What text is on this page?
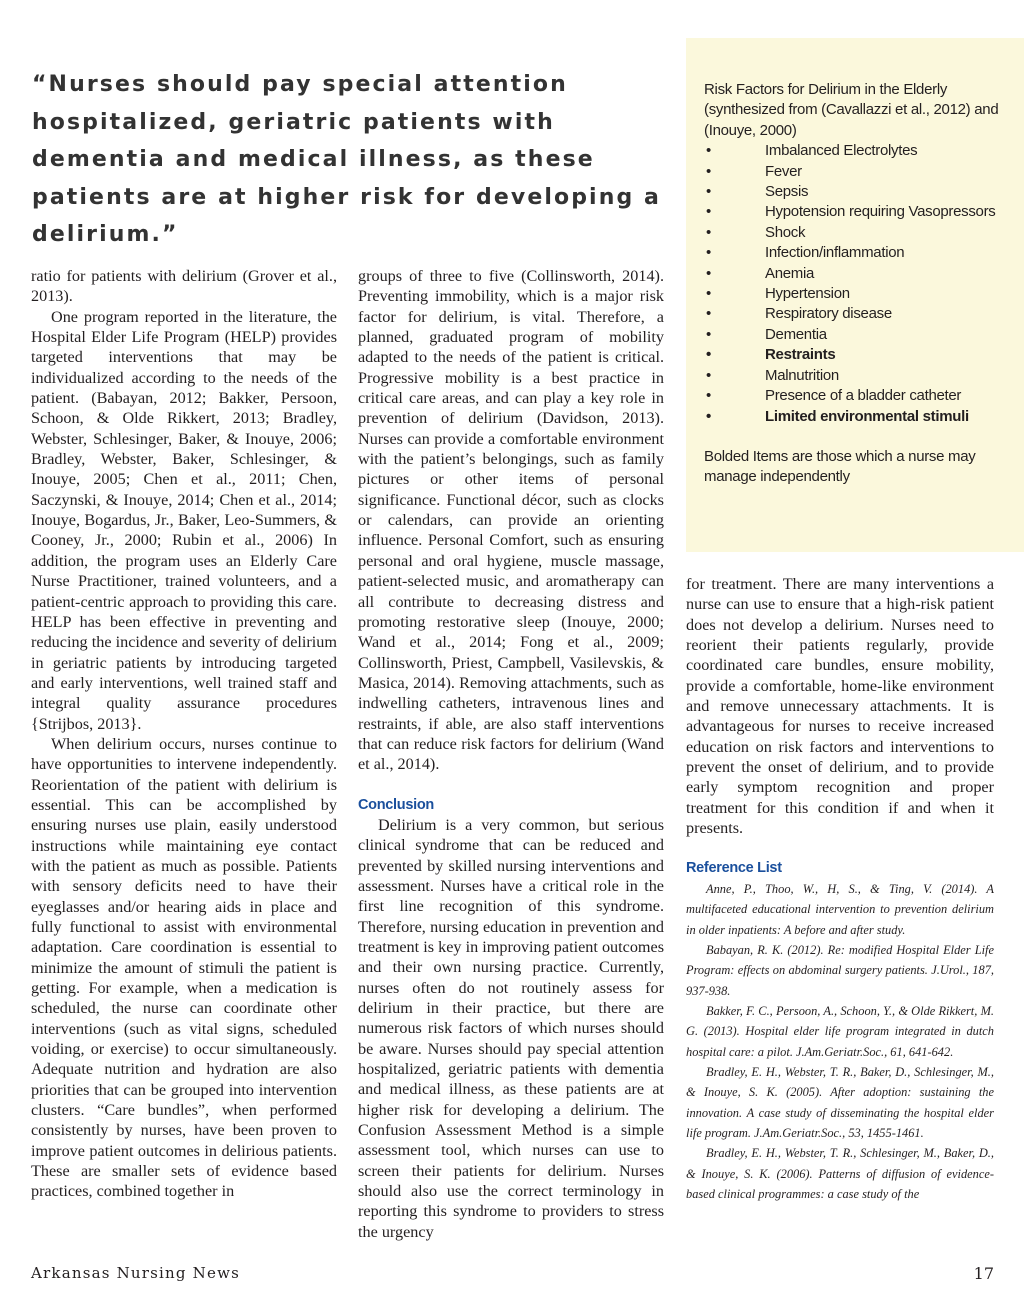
“Nurses should pay special attention hospitalized, geriatric patients with dementia and medical illness, as these patients are at higher risk for developing a delirium.”

Risk Factors for Delirium in the Elderly (synthesized from (Cavallazzi et al., 2012) and (Inouye, 2000)

•	Imbalanced Electrolytes
•	Fever
•	Sepsis
•	Hypotension requiring Vasopressors
•	Shock
•	Infection/inflammation
•	Anemia
•	Hypertension
•	Respiratory disease
•	Dementia
•	Restraints
•	Malnutrition
•	Presence of a bladder catheter
•	Limited environmental stimuli

Bolded Items are those which a nurse may manage independently

ratio for patients with delirium (Grover et al., 2013).

One program reported in the literature, the Hospital Elder Life Program (HELP) provides targeted interventions that may be individualized according to the needs of the patient. (Babayan, 2012; Bakker, Persoon, Schoon, & Olde Rikkert, 2013; Bradley, Webster, Schlesinger, Baker, & Inouye, 2006; Bradley, Webster, Baker, Schlesinger, & Inouye, 2005; Chen et al., 2011; Chen, Saczynski, & Inouye, 2014; Chen et al., 2014; Inouye, Bogardus, Jr., Baker, Leo-Summers, & Cooney, Jr., 2000; Rubin et al., 2006) In addition, the program uses an Elderly Care Nurse Practitioner, trained volunteers, and a patient-centric approach to providing this care. HELP has been effective in preventing and reducing the incidence and severity of delirium in geriatric patients by introducing targeted and early interventions, well trained staff and integral quality assurance procedures {Strijbos, 2013}.

When delirium occurs, nurses continue to have opportunities to intervene independently. Reorientation of the patient with delirium is essential. This can be accomplished by ensuring nurses use plain, easily understood instructions while maintaining eye contact with the patient as much as possible. Patients with sensory deficits need to have their eyeglasses and/or hearing aids in place and fully functional to assist with environmental adaptation. Care coordination is essential to minimize the amount of stimuli the patient is getting. For example, when a medication is scheduled, the nurse can coordinate other interventions (such as vital signs, scheduled voiding, or exercise) to occur simultaneously. Adequate nutrition and hydration are also priorities that can be grouped into intervention clusters. “Care bundles”, when performed consistently by nurses, have been proven to improve patient outcomes in delirious patients. These are smaller sets of evidence based practices, combined together in

groups of three to five (Collinsworth, 2014). Preventing immobility, which is a major risk factor for delirium, is vital. Therefore, a planned, graduated program of mobility adapted to the needs of the patient is critical. Progressive mobility is a best practice in critical care areas, and can play a key role in prevention of delirium (Davidson, 2013). Nurses can provide a comfortable environment with the patient’s belongings, such as family pictures or other items of personal significance. Functional décor, such as clocks or calendars, can provide an orienting influence. Personal Comfort, such as ensuring personal and oral hygiene, muscle massage, patient-selected music, and aromatherapy can all contribute to decreasing distress and promoting restorative sleep (Inouye, 2000; Wand et al., 2014; Fong et al., 2009; Collinsworth, Priest, Campbell, Vasilevskis, & Masica, 2014). Removing attachments, such as indwelling catheters, intravenous lines and restraints, if able, are also staff interventions that can reduce risk factors for delirium (Wand et al., 2014).

Conclusion

Delirium is a very common, but serious clinical syndrome that can be reduced and prevented by skilled nursing interventions and assessment. Nurses have a critical role in the first line recognition of this syndrome. Therefore, nursing education in prevention and treatment is key in improving patient outcomes and their own nursing practice. Currently, nurses often do not routinely assess for delirium in their practice, but there are numerous risk factors of which nurses should be aware. Nurses should pay special attention hospitalized, geriatric patients with dementia and medical illness, as these patients are at higher risk for developing a delirium. The Confusion Assessment Method is a simple assessment tool, which nurses can use to screen their patients for delirium. Nurses should also use the correct terminology in reporting this syndrome to providers to stress the urgency

for treatment. There are many interventions a nurse can use to ensure that a high-risk patient does not develop a delirium. Nurses need to reorient their patients regularly, provide coordinated care bundles, ensure mobility, provide a comfortable, home-like environment and remove unnecessary attachments. It is advantageous for nurses to receive increased education on risk factors and interventions to prevent the onset of delirium, and to provide early symptom recognition and proper treatment for this condition if and when it presents.

Reference List

Anne, P., Thoo, W., H, S., & Ting, V. (2014). A multifaceted educational intervention to prevention delirium in older inpatients: A before and after study.

Babayan, R. K. (2012). Re: modified Hospital Elder Life Program: effects on abdominal surgery patients. J.Urol., 187, 937-938.

Bakker, F. C., Persoon, A., Schoon, Y., & Olde Rikkert, M. G. (2013). Hospital elder life program integrated in dutch hospital care: a pilot. J.Am.Geriatr.Soc., 61, 641-642.

Bradley, E. H., Webster, T. R., Baker, D., Schlesinger, M., & Inouye, S. K. (2005). After adoption: sustaining the innovation. A case study of disseminating the hospital elder life program. J.Am.Geriatr.Soc., 53, 1455-1461.

Bradley, E. H., Webster, T. R., Schlesinger, M., Baker, D., & Inouye, S. K. (2006). Patterns of diffusion of evidence-based clinical programmes: a case study of the

Arkansas Nursing News	17
